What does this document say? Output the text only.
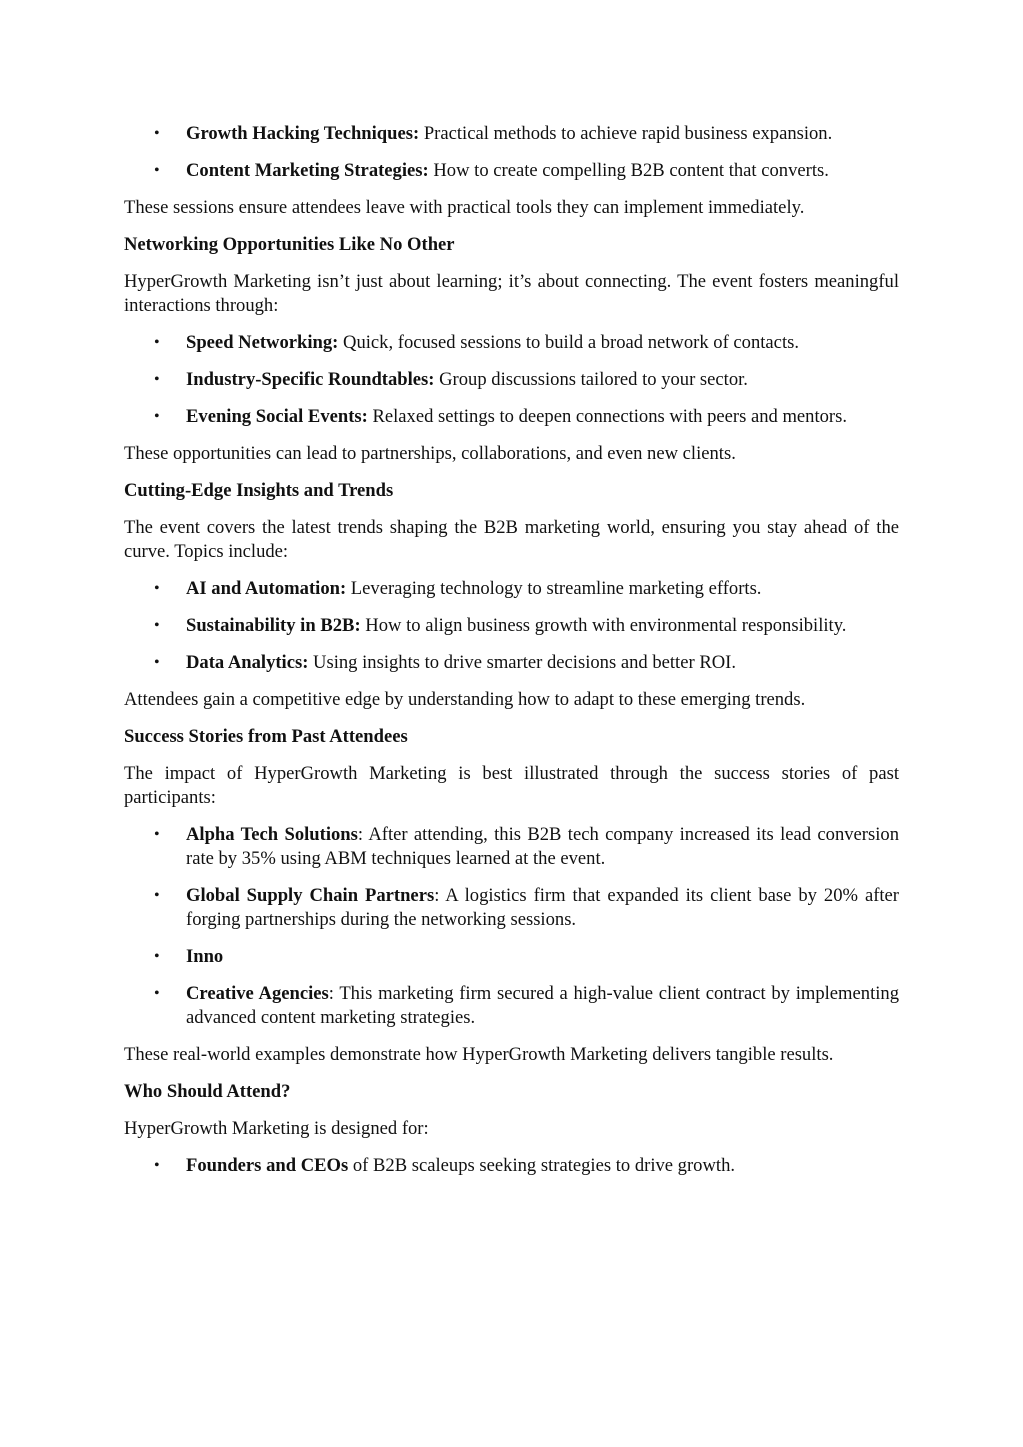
• Growth Hacking Techniques: Practical methods to achieve rapid business expansion.
• Content Marketing Strategies: How to create compelling B2B content that converts.

These sessions ensure attendees leave with practical tools they can implement immediately.

Networking Opportunities Like No Other

HyperGrowth Marketing isn’t just about learning; it’s about connecting. The event fosters meaningful interactions through:

• Speed Networking: Quick, focused sessions to build a broad network of contacts.
• Industry-Specific Roundtables: Group discussions tailored to your sector.
• Evening Social Events: Relaxed settings to deepen connections with peers and mentors.

These opportunities can lead to partnerships, collaborations, and even new clients.

Cutting-Edge Insights and Trends

The event covers the latest trends shaping the B2B marketing world, ensuring you stay ahead of the curve. Topics include:

• AI and Automation: Leveraging technology to streamline marketing efforts.
• Sustainability in B2B: How to align business growth with environmental responsibility.
• Data Analytics: Using insights to drive smarter decisions and better ROI.

Attendees gain a competitive edge by understanding how to adapt to these emerging trends.

Success Stories from Past Attendees

The impact of HyperGrowth Marketing is best illustrated through the success stories of past participants:

• Alpha Tech Solutions: After attending, this B2B tech company increased its lead conversion rate by 35% using ABM techniques learned at the event.
• Global Supply Chain Partners: A logistics firm that expanded its client base by 20% after forging partnerships during the networking sessions.
• Inno
• Creative Agencies: This marketing firm secured a high-value client contract by implementing advanced content marketing strategies.

These real-world examples demonstrate how HyperGrowth Marketing delivers tangible results.

Who Should Attend?

HyperGrowth Marketing is designed for:

• Founders and CEOs of B2B scaleups seeking strategies to drive growth.
